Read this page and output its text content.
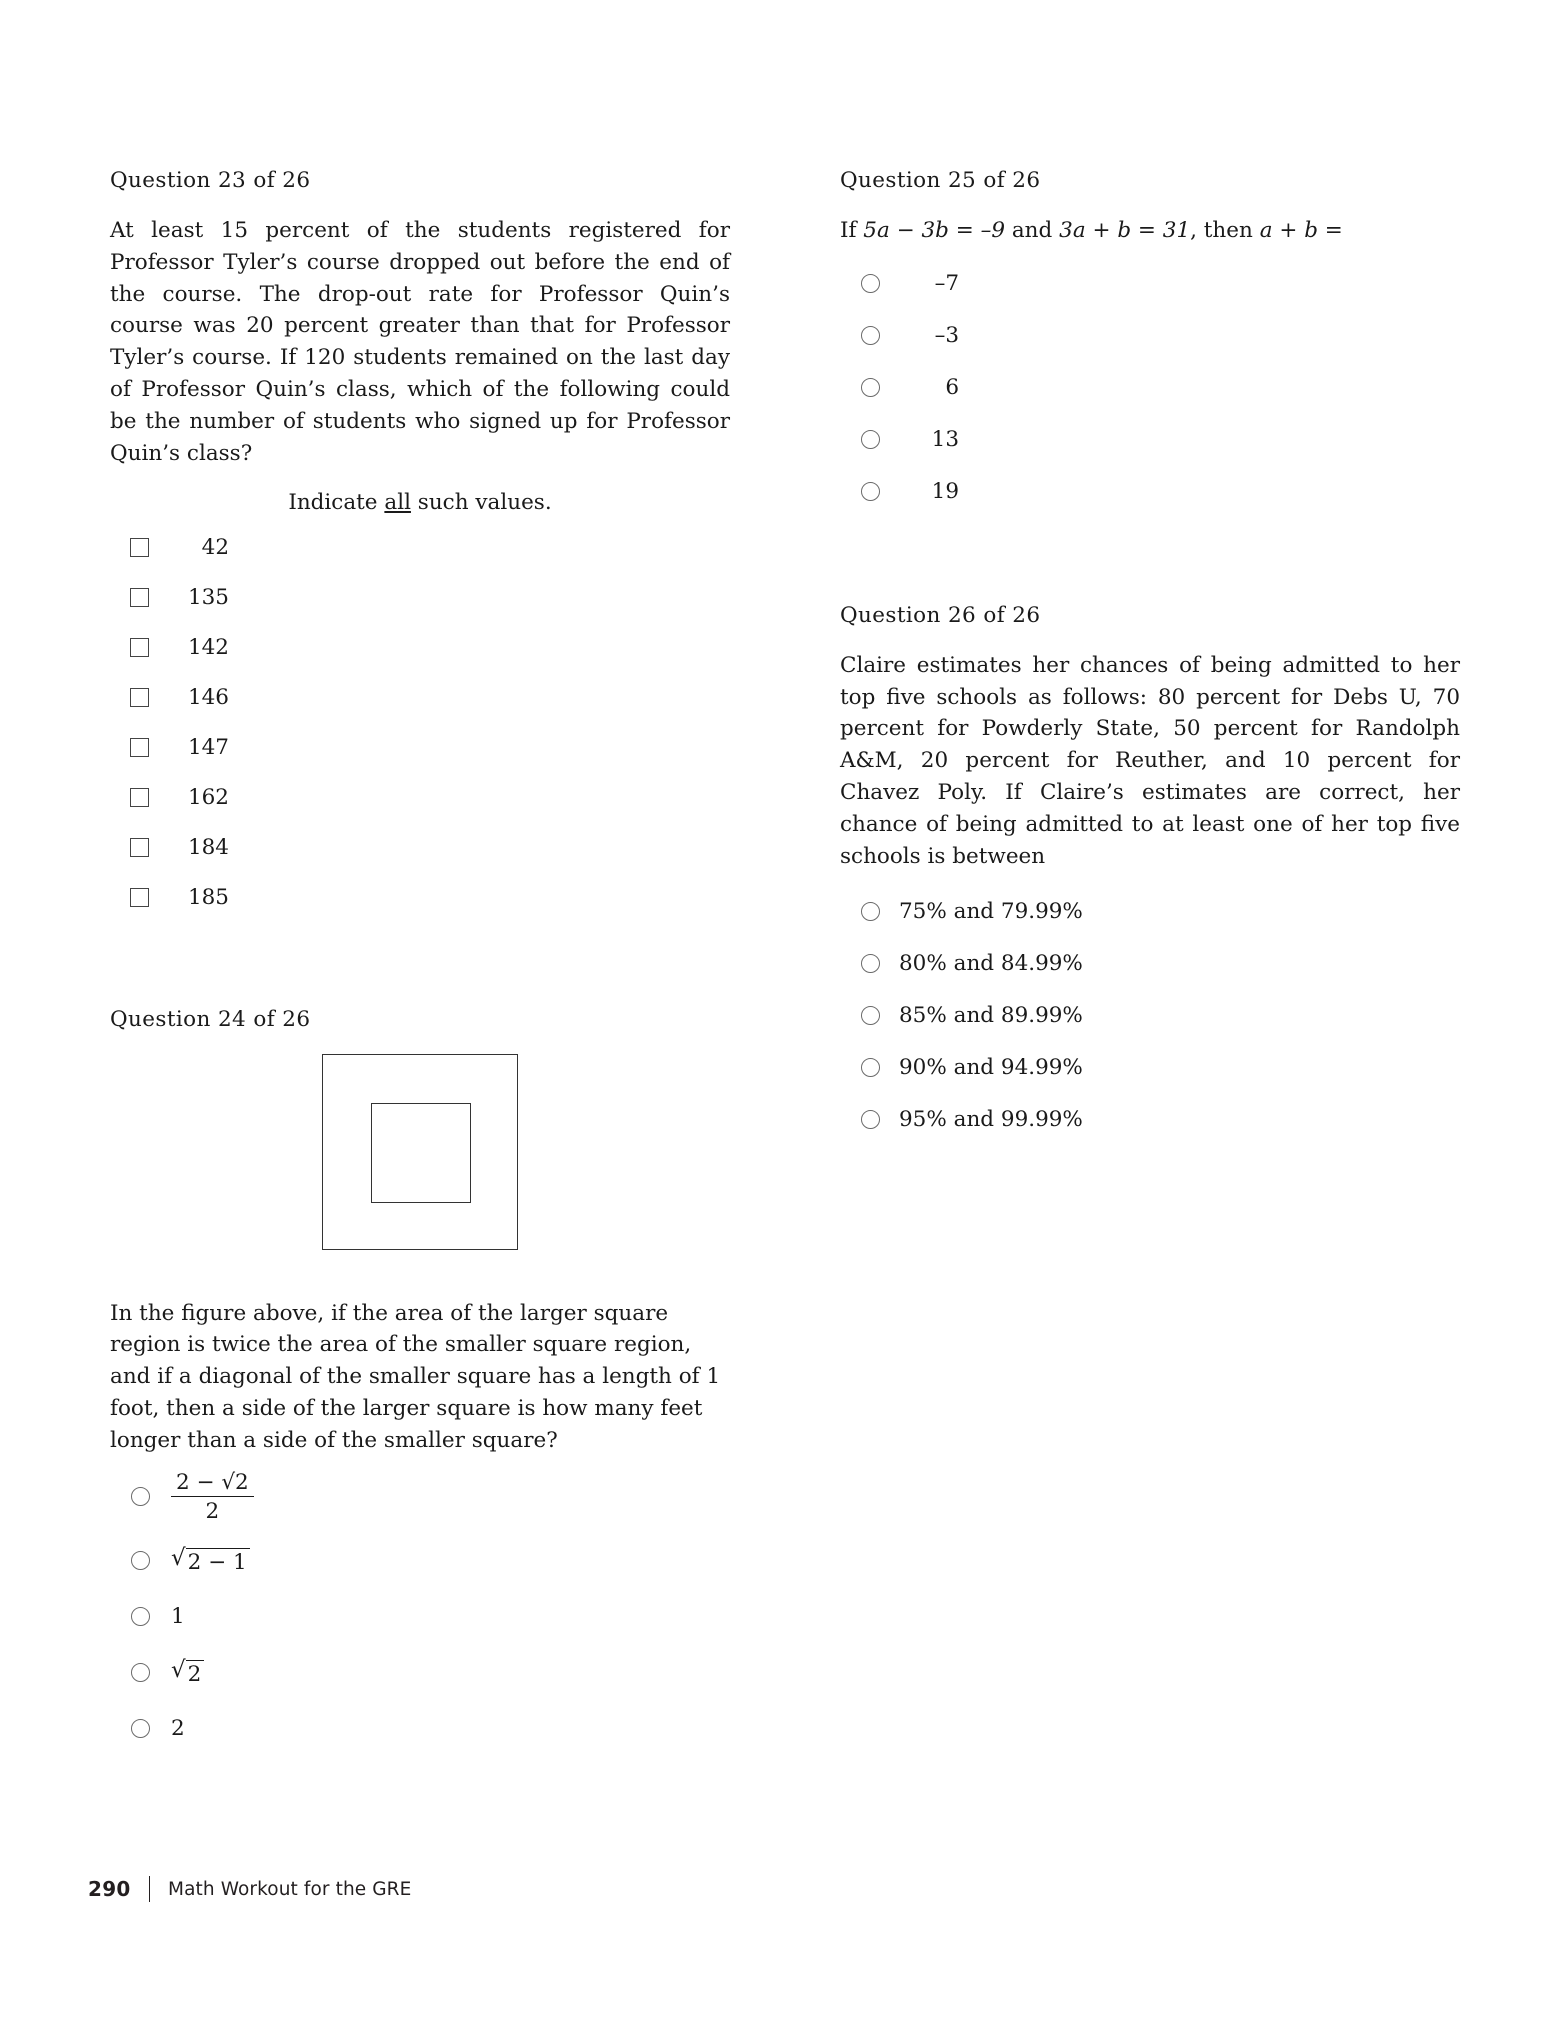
Question 23 of 26

At least 15 percent of the students registered for Professor Tyler’s course dropped out before the end of the course. The drop-out rate for Professor Quin’s course was 20 percent greater than that for Professor Tyler’s course. If 120 students remained on the last day of Professor Quin’s class, which of the following could be the number of students who signed up for Professor Quin’s class?

Indicate all such values.
42
135
142
146
147
162
184
185
Question 24 of 26

In the figure above, if the area of the larger square region is twice the area of the smaller square region, and if a diagonal of the smaller square has a length of 1 foot, then a side of the larger square is how many feet longer than a side of the smaller square?

$\frac{2 - √2}{2}$
√ 2 − 1
1
√ 2
2
Question 25 of 26

If 5a − 3b = –9 and 3a + b = 31, then a + b =

–7
–3
6
13
19
Question 26 of 26

Claire estimates her chances of being admitted to her top five schools as follows: 80 percent for Debs U, 70 percent for Powderly State, 50 percent for Randolph A&M, 20 percent for Reuther, and 10 percent for Chavez Poly. If Claire’s estimates are correct, her chance of being admitted to at least one of her top five schools is between

75% and 79.99%
80% and 84.99%
85% and 89.99%
90% and 94.99%
95% and 99.99%
290 Math Workout for the GRE
